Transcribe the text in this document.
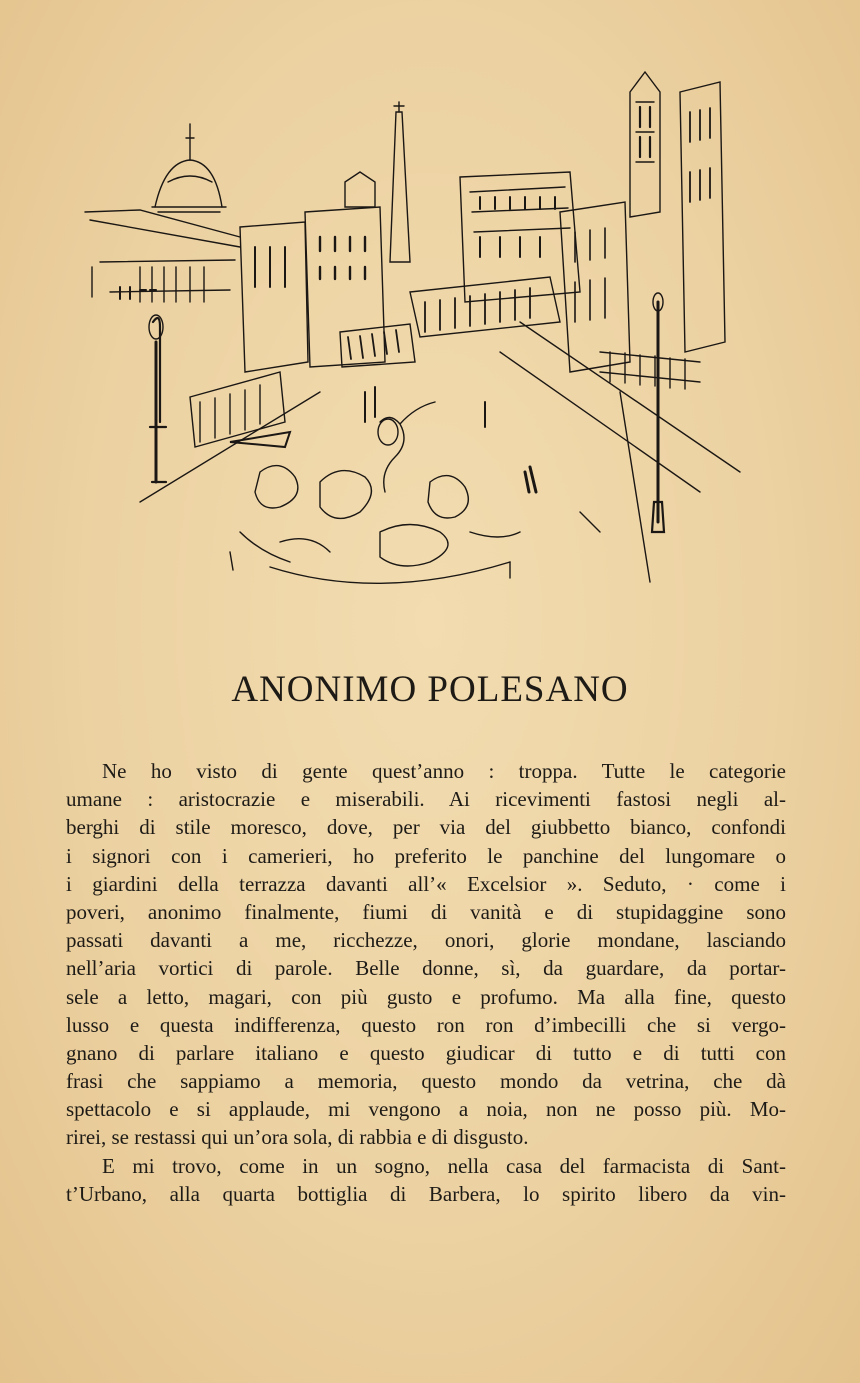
ANONIMO POLESANO
Ne ho visto di gente quest’anno : troppa. Tutte le categorie
umane : aristocrazie e miserabili. Ai ricevimenti fastosi negli al-
berghi di stile moresco, dove, per via del giubbetto bianco, confondi
i signori con i camerieri, ho preferito le panchine del lungomare o
i giardini della terrazza davanti all’« Excelsior ». Seduto, · come i
poveri, anonimo finalmente, fiumi di vanità e di stupidaggine sono
passati davanti a me, ricchezze, onori, glorie mondane, lasciando
nell’aria vortici di parole. Belle donne, sì, da guardare, da portar-
sele a letto, magari, con più gusto e profumo. Ma alla fine, questo
lusso e questa indifferenza, questo ron ron d’imbecilli che si vergo-
gnano di parlare italiano e questo giudicar di tutto e di tutti con
frasi che sappiamo a memoria, questo mondo da vetrina, che dà
spettacolo e si applaude, mi vengono a noia, non ne posso più. Mo-
rirei, se restassi qui un’ora sola, di rabbia e di disgusto.
E mi trovo, come in un sogno, nella casa del farmacista di Sant-
t’Urbano, alla quarta bottiglia di Barbera, lo spirito libero da vin-
